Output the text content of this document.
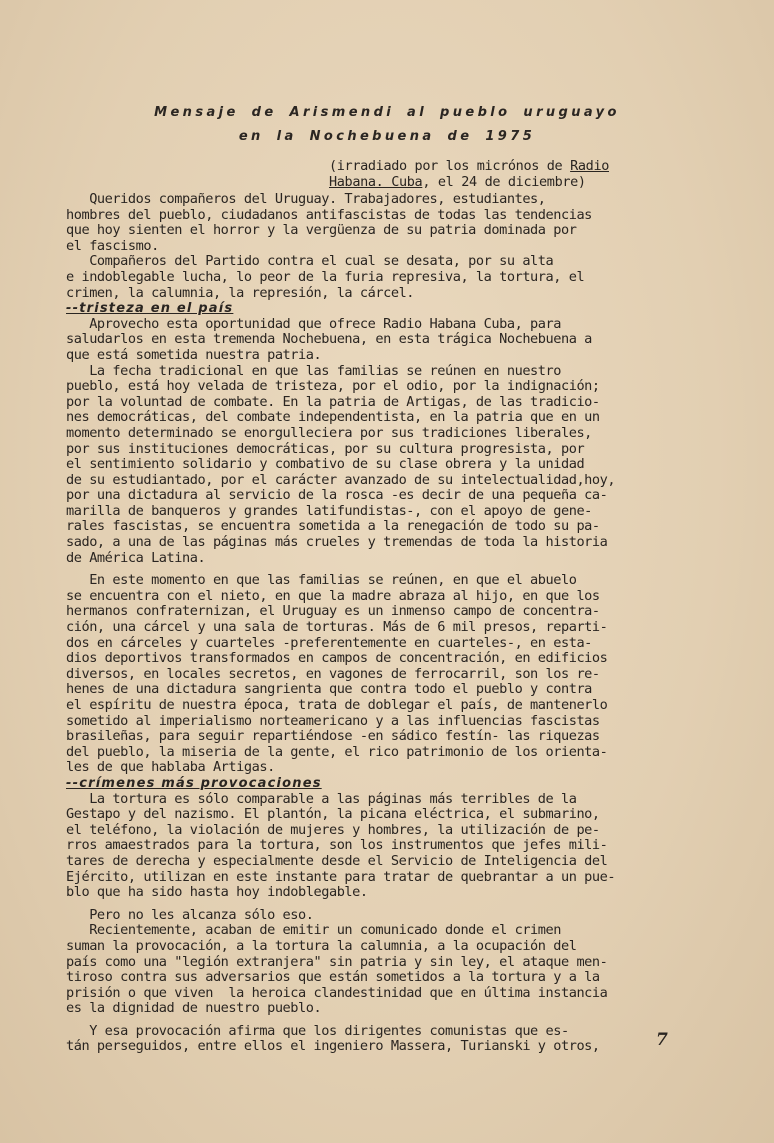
Mensaje de Arismendi al pueblo uruguayo
en la Nochebuena de 1975
(irradiado por los micrónos de Radio
Habana. Cuba, el 24 de diciembre)
Queridos compañeros del Uruguay. Trabajadores, estudiantes,
hombres del pueblo, ciudadanos antifascistas de todas las tendencias
que hoy sienten el horror y la vergüenza de su patria dominada por
el fascismo.
Compañeros del Partido contra el cual se desata, por su alta
e indoblegable lucha, lo peor de la furia represiva, la tortura, el
crimen, la calumnia, la represión, la cárcel.
--tristeza en el país
Aprovecho esta oportunidad que ofrece Radio Habana Cuba, para
saludarlos en esta tremenda Nochebuena, en esta trágica Nochebuena a
que está sometida nuestra patria.
La fecha tradicional en que las familias se reúnen en nuestro
pueblo, está hoy velada de tristeza, por el odio, por la indignación;
por la voluntad de combate. En la patria de Artigas, de las tradicio-
nes democráticas, del combate independentista, en la patria que en un
momento determinado se enorgulleciera por sus tradiciones liberales,
por sus instituciones democráticas, por su cultura progresista, por
el sentimiento solidario y combativo de su clase obrera y la unidad
de su estudiantado, por el carácter avanzado de su intelectualidad,hoy,
por una dictadura al servicio de la rosca -es decir de una pequeña ca-
marilla de banqueros y grandes latifundistas-, con el apoyo de gene-
rales fascistas, se encuentra sometida a la renegación de todo su pa-
sado, a una de las páginas más crueles y tremendas de toda la historia
de América Latina.
En este momento en que las familias se reúnen, en que el abuelo
se encuentra con el nieto, en que la madre abraza al hijo, en que los
hermanos confraternizan, el Uruguay es un inmenso campo de concentra-
ción, una cárcel y una sala de torturas. Más de 6 mil presos, reparti-
dos en cárceles y cuarteles -preferentemente en cuarteles-, en esta-
dios deportivos transformados en campos de concentración, en edificios
diversos, en locales secretos, en vagones de ferrocarril, son los re-
henes de una dictadura sangrienta que contra todo el pueblo y contra
el espíritu de nuestra época, trata de doblegar el país, de mantenerlo
sometido al imperialismo norteamericano y a las influencias fascistas
brasileñas, para seguir repartiéndose -en sádico festín- las riquezas
del pueblo, la miseria de la gente, el rico patrimonio de los orienta-
les de que hablaba Artigas.
--crímenes más provocaciones
La tortura es sólo comparable a las páginas más terribles de la
Gestapo y del nazismo. El plantón, la picana eléctrica, el submarino,
el teléfono, la violación de mujeres y hombres, la utilización de pe-
rros amaestrados para la tortura, son los instrumentos que jefes mili-
tares de derecha y especialmente desde el Servicio de Inteligencia del
Ejército, utilizan en este instante para tratar de quebrantar a un pue-
blo que ha sido hasta hoy indoblegable.
Pero no les alcanza sólo eso.
Recientemente, acaban de emitir un comunicado donde el crimen
suman la provocación, a la tortura la calumnia, a la ocupación del
país como una "legión extranjera" sin patria y sin ley, el ataque men-
tiroso contra sus adversarios que están sometidos a la tortura y a la
prisión o que viven  la heroica clandestinidad que en última instancia
es la dignidad de nuestro pueblo.
Y esa provocación afirma que los dirigentes comunistas que es-
tán perseguidos, entre ellos el ingeniero Massera, Turianski y otros,	7
